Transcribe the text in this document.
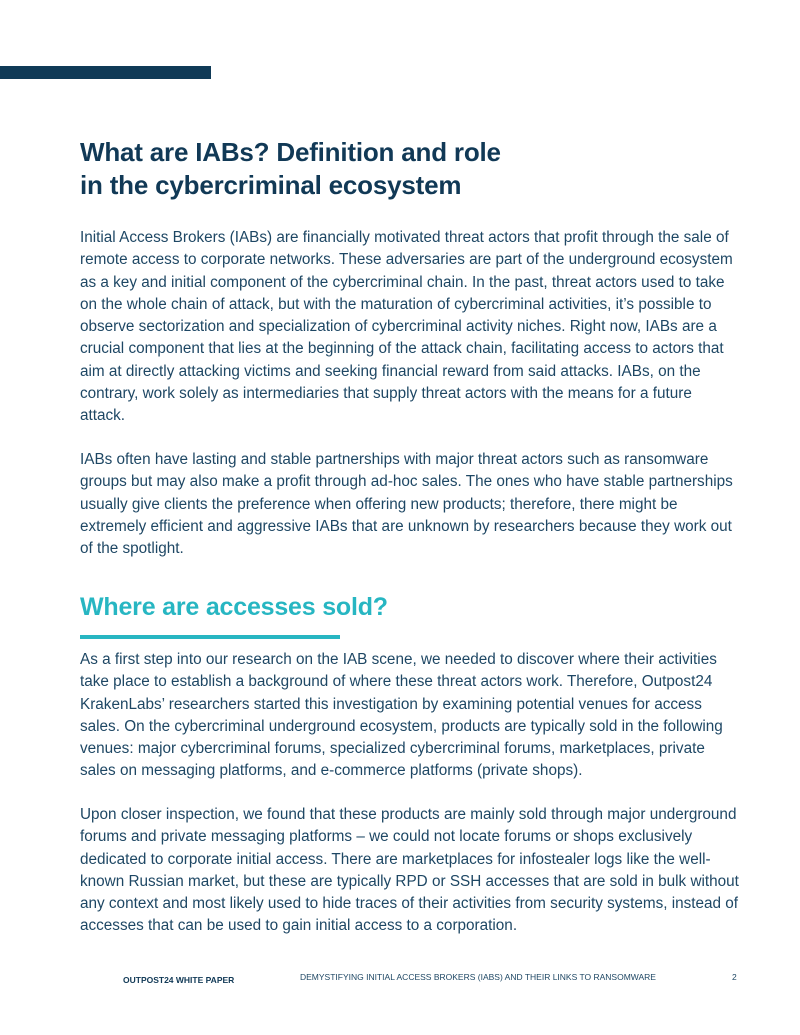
What are IABs? Definition and role
in the cybercriminal ecosystem

Initial Access Brokers (IABs) are financially motivated threat actors that profit through the sale of remote access to corporate networks. These adversaries are part of the underground ecosystem as a key and initial component of the cybercriminal chain. In the past, threat actors used to take on the whole chain of attack, but with the maturation of cybercriminal activities, it’s possible to observe sectorization and specialization of cybercriminal activity niches. Right now, IABs are a crucial component that lies at the beginning of the attack chain, facilitating access to actors that aim at directly attacking victims and seeking financial reward from said attacks. IABs, on the contrary, work solely as intermediaries that supply threat actors with the means for a future attack.

IABs often have lasting and stable partnerships with major threat actors such as ransomware groups but may also make a profit through ad-hoc sales. The ones who have stable partnerships usually give clients the preference when offering new products; therefore, there might be extremely efficient and aggressive IABs that are unknown by researchers because they work out of the spotlight.

Where are accesses sold?

As a first step into our research on the IAB scene, we needed to discover where their activities take place to establish a background of where these threat actors work. Therefore, Outpost24 KrakenLabs’ researchers started this investigation by examining potential venues for access sales. On the cybercriminal underground ecosystem, products are typically sold in the following venues: major cybercriminal forums, specialized cybercriminal forums, marketplaces, private sales on messaging platforms, and e-commerce platforms (private shops).

Upon closer inspection, we found that these products are mainly sold through major underground forums and private messaging platforms – we could not locate forums or shops exclusively dedicated to corporate initial access. There are marketplaces for infostealer logs like the well-known Russian market, but these are typically RPD or SSH accesses that are sold in bulk without any context and most likely used to hide traces of their activities from security systems, instead of accesses that can be used to gain initial access to a corporation.

OUTPOST24 WHITE PAPER	DEMYSTIFYING INITIAL ACCESS BROKERS (IABS) AND THEIR LINKS TO RANSOMWARE	2
